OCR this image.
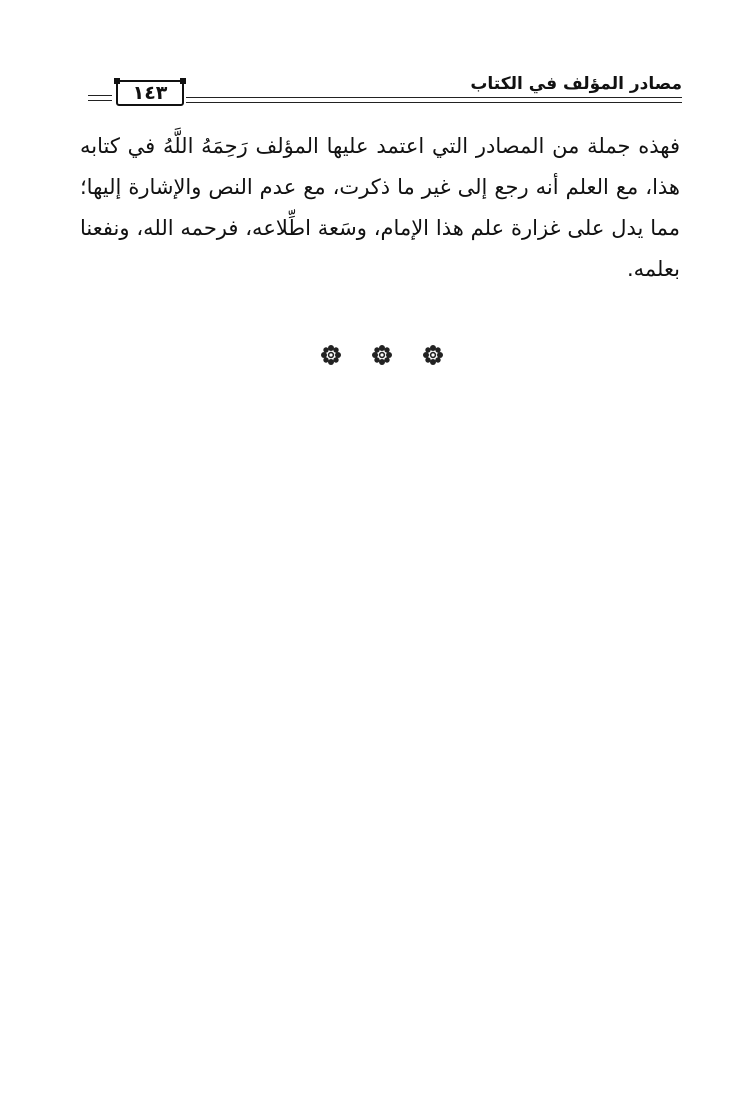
مصادر المؤلف في الكتاب
١٤٣

فهذه جملة من المصادر التي اعتمد عليها المؤلف رَحِمَهُ اللَّهُ في كتابه هذا، مع العلم أنه رجع إلى غير ما ذكرت، مع عدم النص والإشارة إليها؛ مما يدل على غزارة علم هذا الإمام، وسَعة اطِّلاعه، فرحمه الله، ونفعنا بعلمه.
